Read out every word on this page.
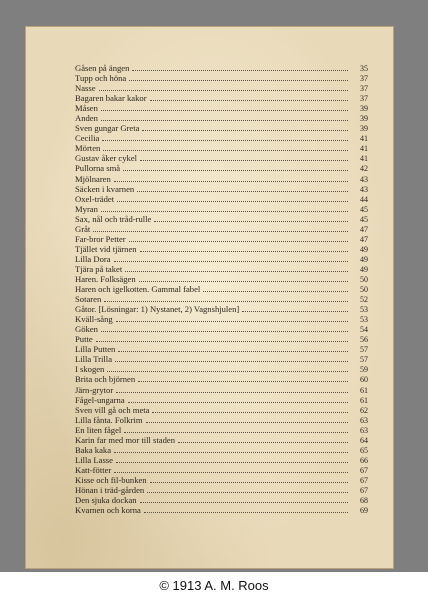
Gåsen på ängen	35
Tupp och höna	37
Nasse	37
Bagaren bakar kakor	37
Måsen	39
Anden	39
Sven gungar Greta	39
Cecilia	41
Mörten	41
Gustav åker cykel	41
Pullorna små	42
Mjölnaren	43
Säcken i kvarnen	43
Oxel-trädet	44
Myran	45
Sax, nål och tråd-rulle	45
Gråt	47
Far-bror Petter	47
Tjället vid tjärnen	49
Lilla Dora	49
Tjära på taket	49
Haren. Folksägen	50
Haren och igelkotten. Gammal fabel	50
Sotaren	52
Gåtor. [Lösningar: 1) Nystanet, 2) Vagnshjulen]	53
Kväll-sång	53
Göken	54
Putte	56
Lilla Putten	57
Lilla Trilla	57
I skogen	59
Brita och björnen	60
Järn-grytor	61
Fågel-ungarna	61
Sven vill gå och meta	62
Lilla fånta. Folkrim	63
En liten fågel	63
Karin far med mor till staden	64
Baka kaka	65
Lilla Lasse	66
Katt-fötter	67
Kisse och fil-bunken	67
Hönan i träd-gården	67
Den sjuka dockan	68
Kvarnen och korna	69
© 1913 A. M. Roos
